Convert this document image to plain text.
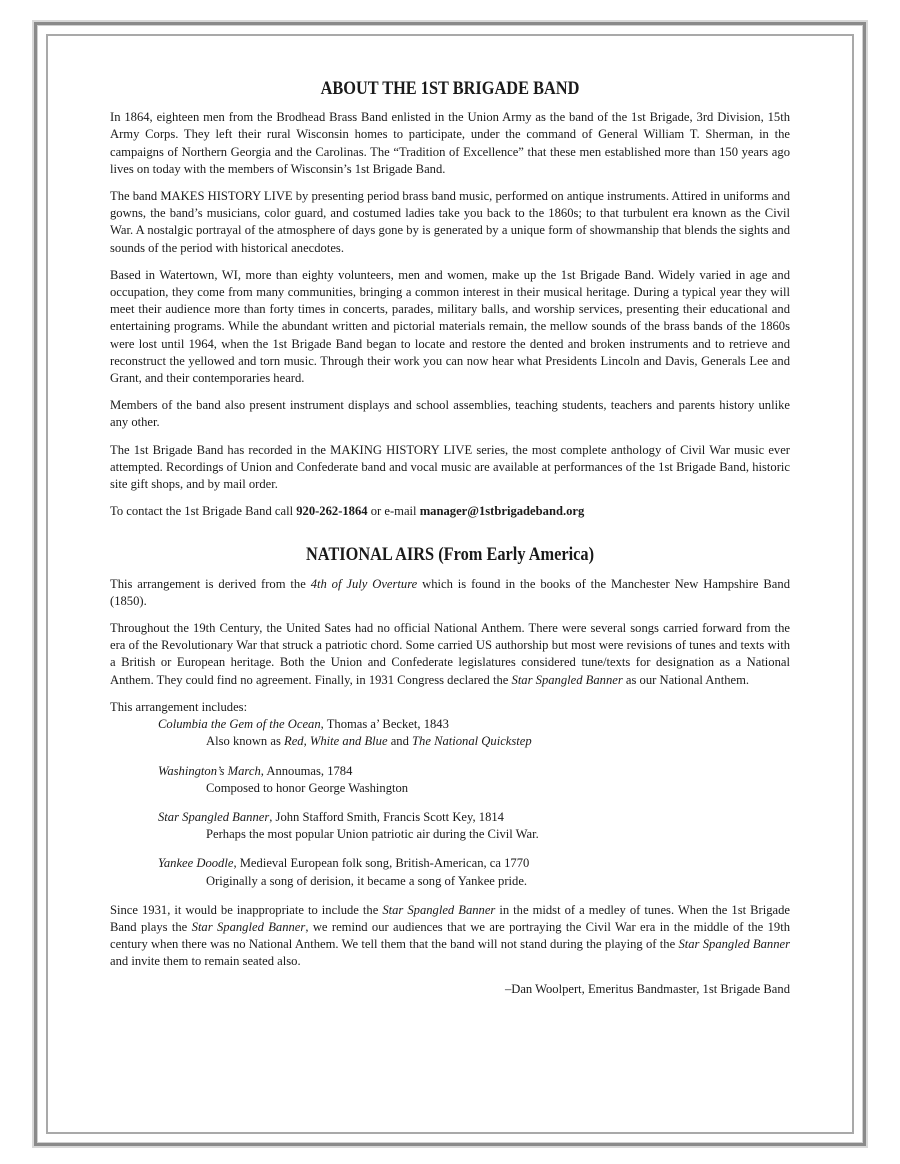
ABOUT THE 1ST BRIGADE BAND

In 1864, eighteen men from the Brodhead Brass Band enlisted in the Union Army as the band of the 1st Brigade, 3rd Division, 15th Army Corps. They left their rural Wisconsin homes to participate, under the command of General William T. Sherman, in the campaigns of Northern Georgia and the Carolinas. The “Tradition of Excellence” that these men established more than 150 years ago lives on today with the members of Wisconsin’s 1st Brigade Band.

The band MAKES HISTORY LIVE by presenting period brass band music, performed on antique instruments. Attired in uniforms and gowns, the band’s musicians, color guard, and costumed ladies take you back to the 1860s; to that turbulent era known as the Civil War. A nostalgic portrayal of the atmosphere of days gone by is generated by a unique form of showmanship that blends the sights and sounds of the period with historical anecdotes.

Based in Watertown, WI, more than eighty volunteers, men and women, make up the 1st Brigade Band. Widely varied in age and occupation, they come from many communities, bringing a common interest in their musical heritage. During a typical year they will meet their audience more than forty times in concerts, parades, military balls, and worship services, presenting their educational and entertaining programs. While the abundant written and pictorial materials remain, the mellow sounds of the brass bands of the 1860s were lost until 1964, when the 1st Brigade Band began to locate and restore the dented and broken instruments and to retrieve and reconstruct the yellowed and torn music. Through their work you can now hear what Presidents Lincoln and Davis, Generals Lee and Grant, and their contemporaries heard.

Members of the band also present instrument displays and school assemblies, teaching students, teachers and parents history unlike any other.

The 1st Brigade Band has recorded in the MAKING HISTORY LIVE series, the most complete anthology of Civil War music ever attempted. Recordings of Union and Confederate band and vocal music are available at performances of the 1st Brigade Band, historic site gift shops, and by mail order.

To contact the 1st Brigade Band call 920-262-1864 or e-mail manager@1stbrigadeband.org

NATIONAL AIRS (From Early America)

This arrangement is derived from the 4th of July Overture which is found in the books of the Manchester New Hampshire Band (1850).

Throughout the 19th Century, the United Sates had no official National Anthem. There were several songs carried forward from the era of the Revolutionary War that struck a patriotic chord. Some carried US authorship but most were revisions of tunes and texts with a British or European heritage. Both the Union and Confederate legislatures considered tune/texts for designation as a National Anthem. They could find no agreement. Finally, in 1931 Congress declared the Star Spangled Banner as our National Anthem.

This arrangement includes:

Columbia the Gem of the Ocean, Thomas a’ Becket, 1843

Also known as Red, White and Blue and The National Quickstep

Washington’s March, Annoumas, 1784

Composed to honor George Washington

Star Spangled Banner, John Stafford Smith, Francis Scott Key, 1814

Perhaps the most popular Union patriotic air during the Civil War.

Yankee Doodle, Medieval European folk song, British-American, ca 1770

Originally a song of derision, it became a song of Yankee pride.

Since 1931, it would be inappropriate to include the Star Spangled Banner in the midst of a medley of tunes. When the 1st Brigade Band plays the Star Spangled Banner, we remind our audiences that we are portraying the Civil War era in the middle of the 19th century when there was no National Anthem. We tell them that the band will not stand during the playing of the Star Spangled Banner and invite them to remain seated also.

–Dan Woolpert, Emeritus Bandmaster, 1st Brigade Band
